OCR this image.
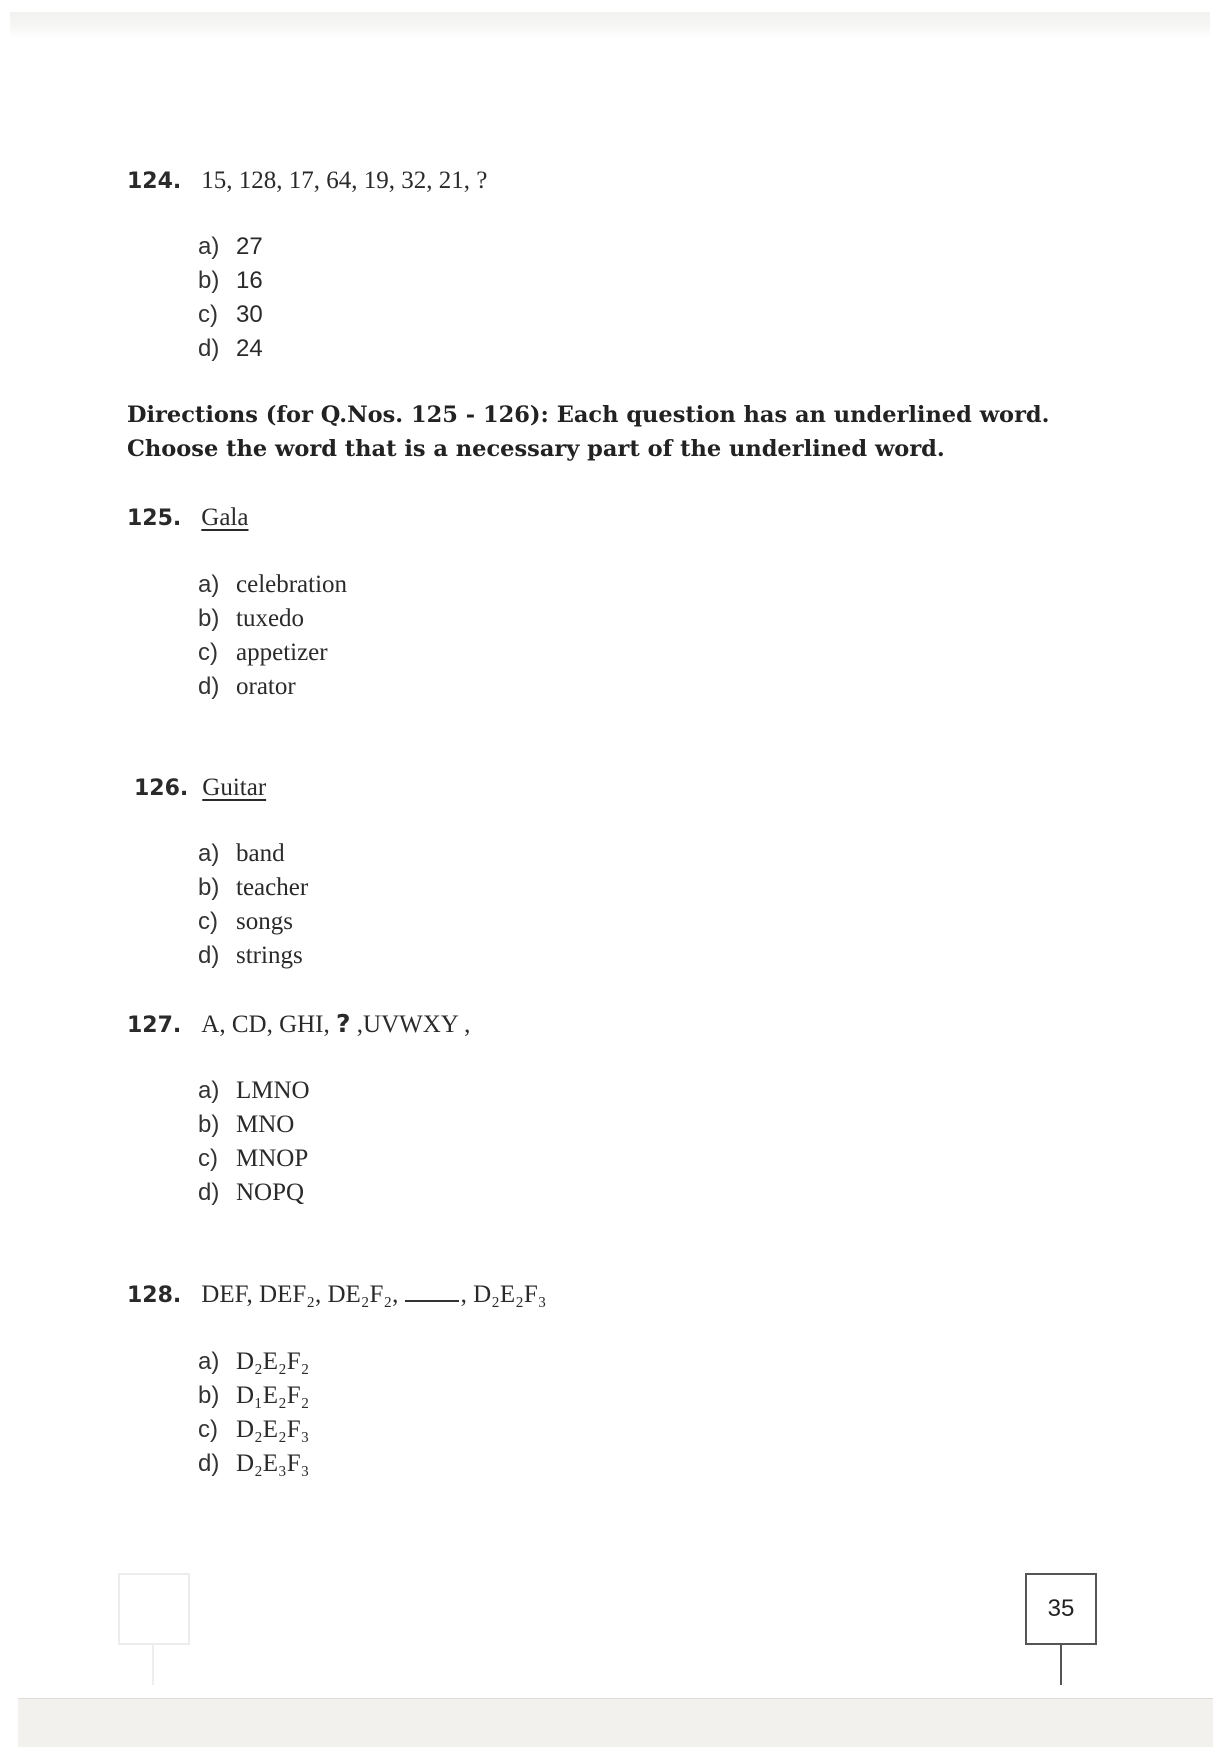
124. 15, 128, 17, 64, 19, 32, 21, ?
a) 27
b) 16
c) 30
d) 24
Directions (for Q.Nos. 125 - 126): Each question has an underlined word.
Choose the word that is a necessary part of the underlined word.
125. Gala
a) celebration
b) tuxedo
c) appetizer
d) orator
126. Guitar
a) band
b) teacher
c) songs
d) strings
127. A, CD, GHI, ? ,UVWXY ,
a) LMNO
b) MNO
c) MNOP
d) NOPQ
128. DEF, DEF₂, DE₂F₂, , D₂E₂F₃
a) D₂E₂F₂
b) D₁E₂F₂
c) D₂E₂F₃
d) D₂E₃F₃
35
